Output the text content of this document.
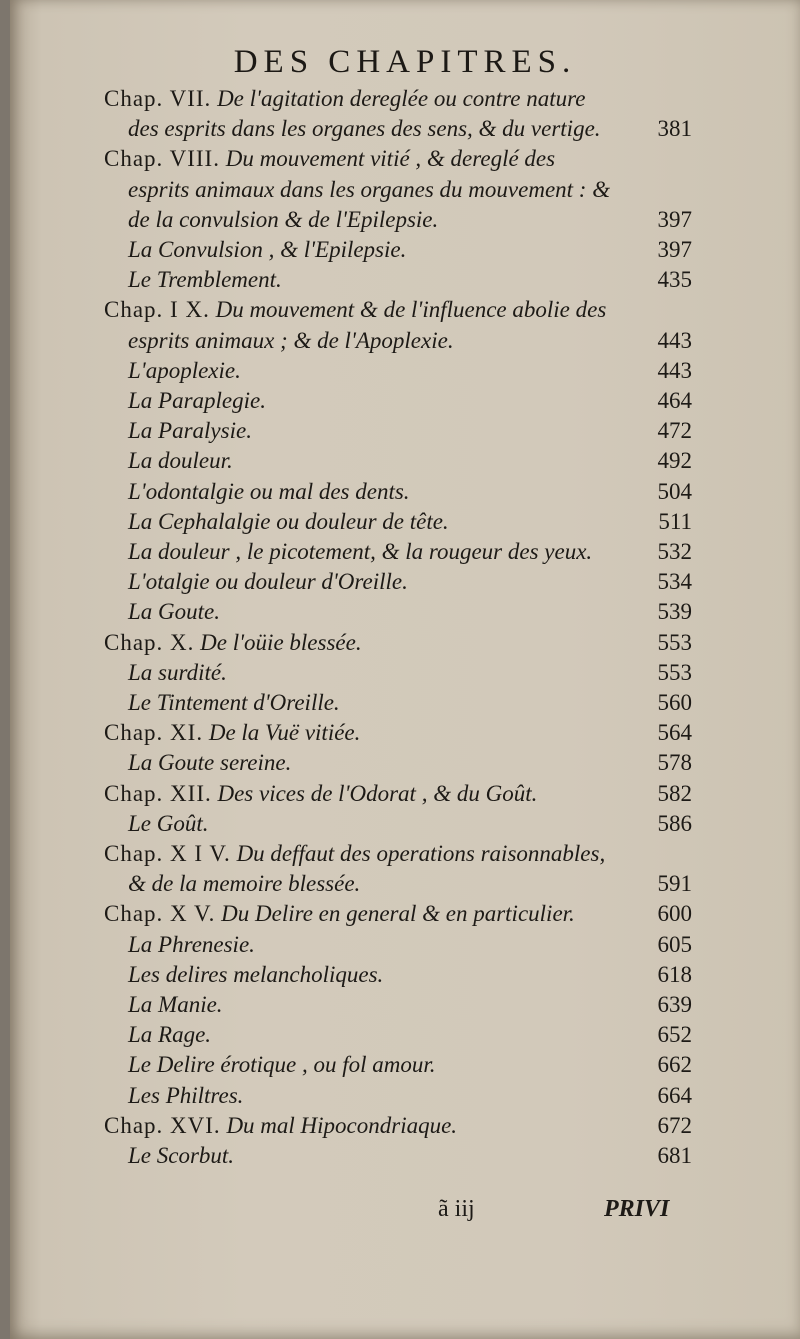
DES CHAPITRES.
Chap. VII. De l'agitation dereglée ou contre nature
des esprits dans les organes des sens, & du vertige. 381
Chap. VIII. Du mouvement vitié , & dereglé des
esprits animaux dans les organes du mouvement : &
de la convulsion & de l'Epilepsie.	397
La Convulsion , & l'Epilepsie.	397
Le Tremblement.	435
Chap. I X. Du mouvement & de l'influence abolie des
esprits animaux ; & de l'Apoplexie.	443
L'apoplexie.	443
La Paraplegie.	464
La Paralysie.	472
La douleur.	492
L'odontalgie ou mal des dents.	504
La Cephalalgie ou douleur de tête.	511
La douleur , le picotement, & la rougeur des yeux.	532
L'otalgie ou douleur d'Oreille.	534
La Goute.	539
Chap. X. De l'oüie blessée.	553
La surdité.	553
Le Tintement d'Oreille.	560
Chap. XI. De la Vuë vitiée.	564
La Goute sereine.	578
Chap. XII. Des vices de l'Odorat , & du Goût.	582
Le Goût.	586
Chap. X I V. Du deffaut des operations raisonnables,
& de la memoire blessée.	591
Chap. X V. Du Delire en general & en particulier.	600
La Phrenesie.	605
Les delires melancholiques.	618
La Manie.	639
La Rage.	652
Le Delire érotique , ou fol amour.	662
Les Philtres.	664
Chap. XVI. Du mal Hipocondriaque.	672
Le Scorbut.	681
ã iij	PRIVI
